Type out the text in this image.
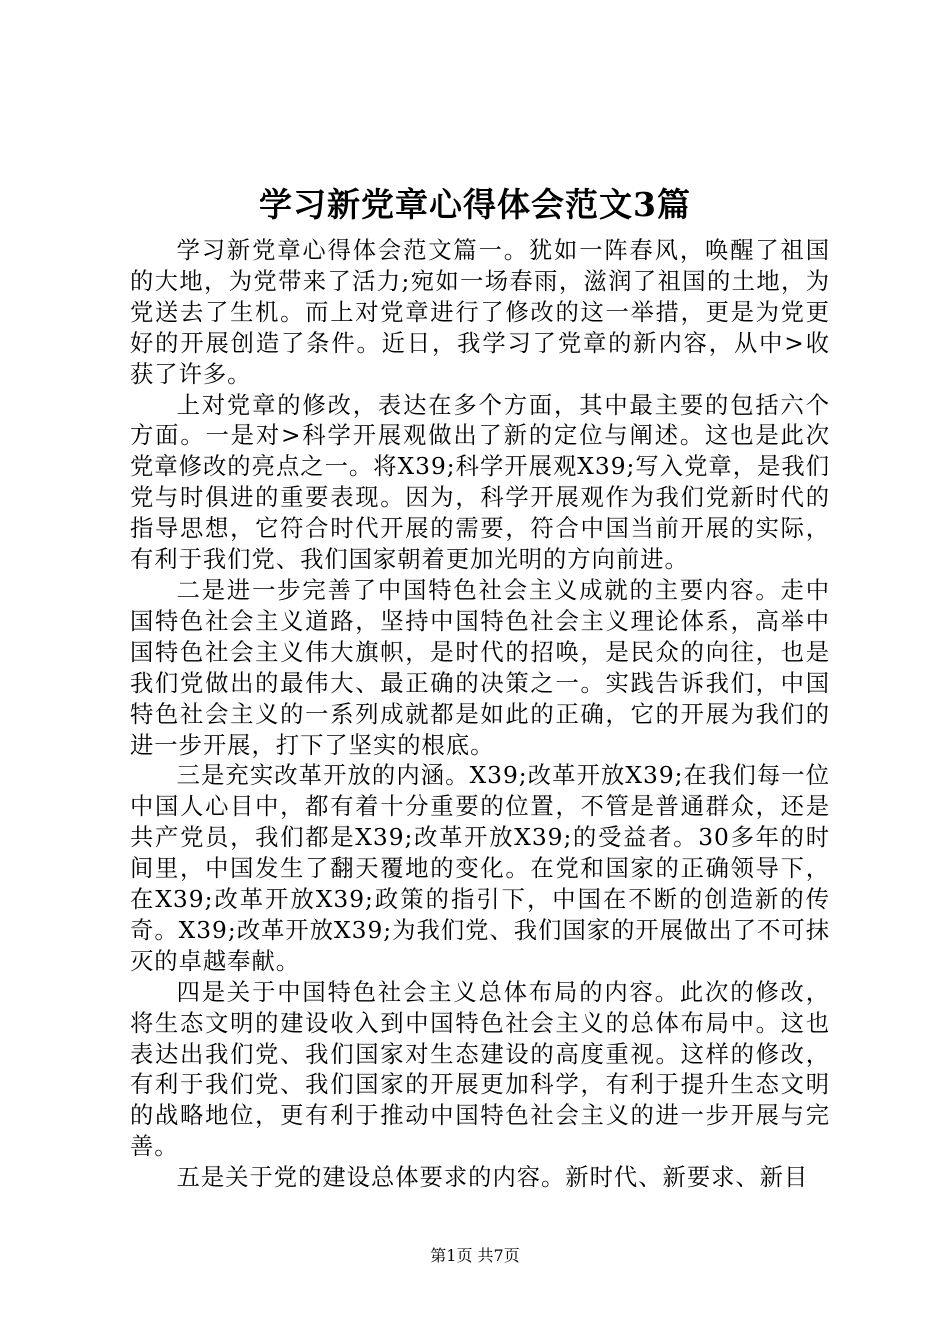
学习新党章心得体会范文3篇

学习新党章心得体会范文篇一。犹如一阵春风，唤醒了祖国的大地，为党带来了活力;宛如一场春雨，滋润了祖国的土地，为党送去了生机。而上对党章进行了修改的这一举措，更是为党更好的开展创造了条件。近日，我学习了党章的新内容，从中>收获了许多。

上对党章的修改，表达在多个方面，其中最主要的包括六个方面。一是对>科学开展观做出了新的定位与阐述。这也是此次党章修改的亮点之一。将X39;科学开展观X39;写入党章，是我们党与时俱进的重要表现。因为，科学开展观作为我们党新时代的指导思想，它符合时代开展的需要，符合中国当前开展的实际，有利于我们党、我们国家朝着更加光明的方向前进。

二是进一步完善了中国特色社会主义成就的主要内容。走中国特色社会主义道路，坚持中国特色社会主义理论体系，高举中国特色社会主义伟大旗帜，是时代的招唤，是民众的向往，也是我们党做出的最伟大、最正确的决策之一。实践告诉我们，中国特色社会主义的一系列成就都是如此的正确，它的开展为我们的进一步开展，打下了坚实的根底。

三是充实改革开放的内涵。X39;改革开放X39;在我们每一位中国人心目中，都有着十分重要的位置，不管是普通群众，还是共产党员，我们都是X39;改革开放X39;的受益者。30多年的时间里，中国发生了翻天覆地的变化。在党和国家的正确领导下，在X39;改革开放X39;政策的指引下，中国在不断的创造新的传奇。X39;改革开放X39;为我们党、我们国家的开展做出了不可抹灭的卓越奉献。

四是关于中国特色社会主义总体布局的内容。此次的修改，将生态文明的建设收入到中国特色社会主义的总体布局中。这也表达出我们党、我们国家对生态建设的高度重视。这样的修改，有利于我们党、我们国家的开展更加科学，有利于提升生态文明的战略地位，更有利于推动中国特色社会主义的进一步开展与完善。

五是关于党的建设总体要求的内容。新时代、新要求、新目

第1页 共7页
